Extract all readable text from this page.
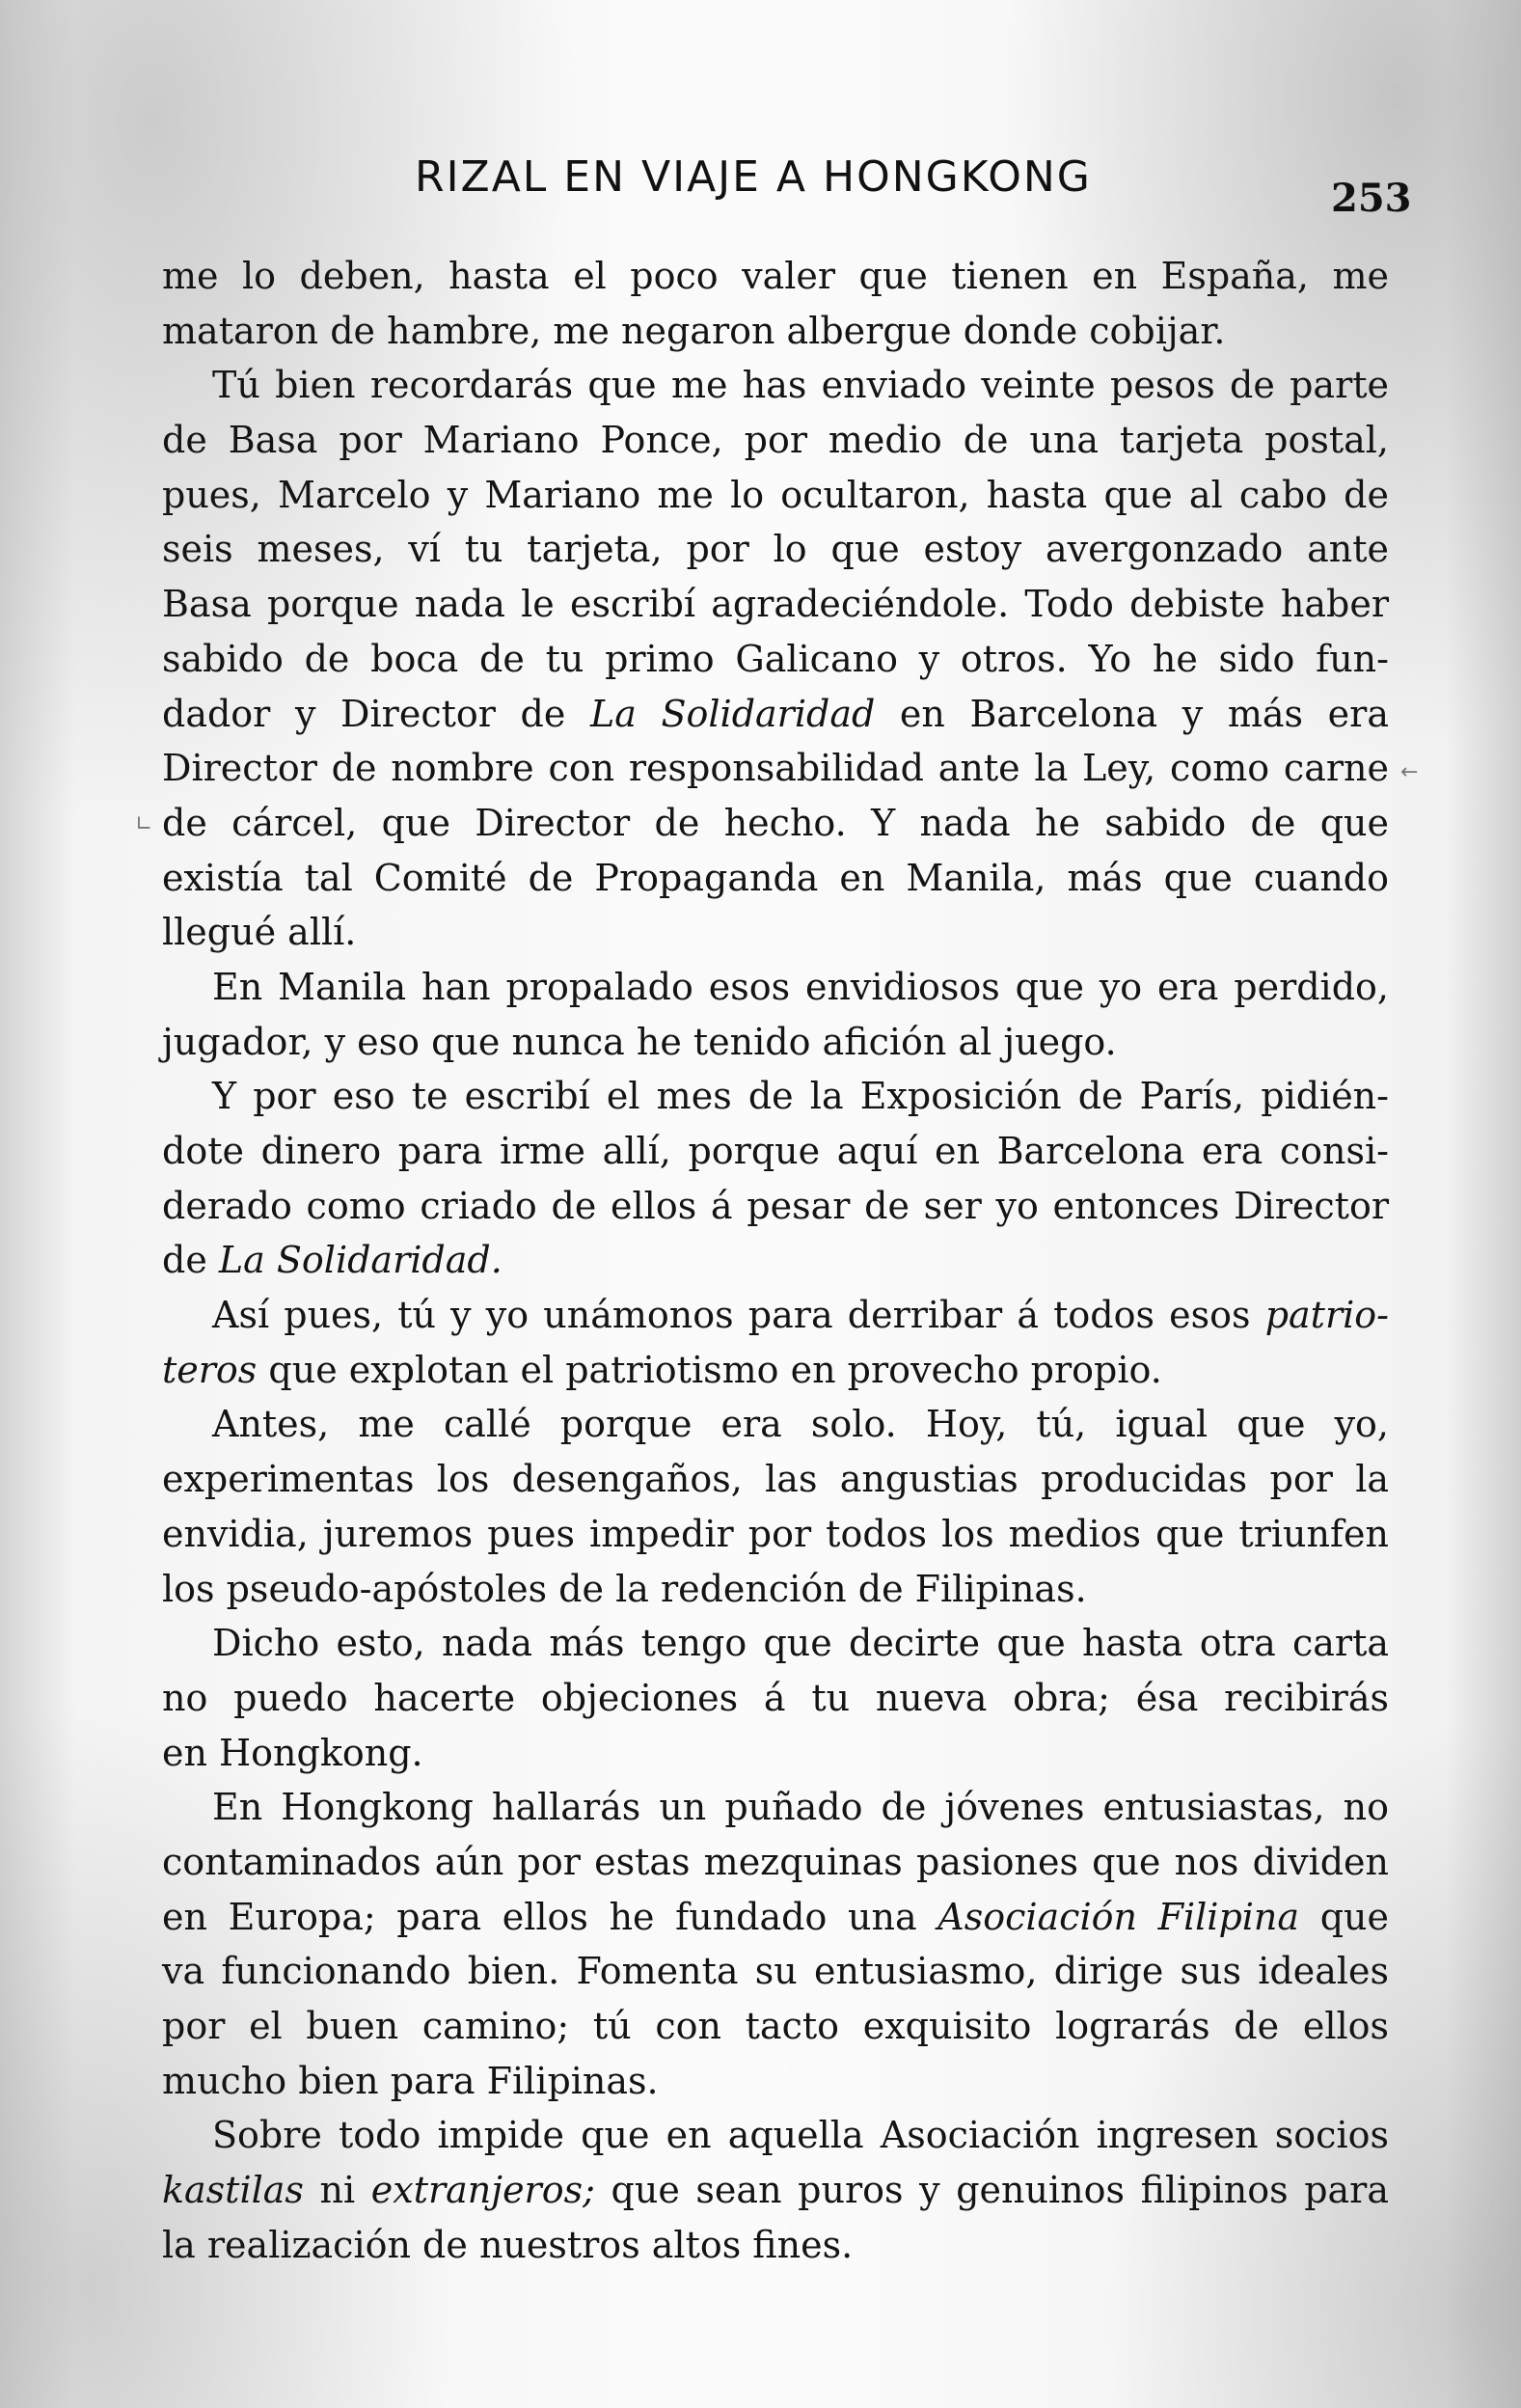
RIZAL EN VIAJE A HONGKONG	253
←
∟
me lo deben, hasta el poco valer que tienen en España, me
mataron de hambre, me negaron albergue donde cobijar.
Tú bien recordarás que me has enviado veinte pesos de parte
de Basa por Mariano Ponce, por medio de una tarjeta postal,
pues, Marcelo y Mariano me lo ocultaron, hasta que al cabo de
seis meses, ví tu tarjeta, por lo que estoy avergonzado ante
Basa porque nada le escribí agradeciéndole. Todo debiste haber
sabido de boca de tu primo Galicano y otros. Yo he sido fun-
dador y Director de La Solidaridad en Barcelona y más era
Director de nombre con responsabilidad ante la Ley, como carne
de cárcel, que Director de hecho. Y nada he sabido de que
existía tal Comité de Propaganda en Manila, más que cuando
llegué allí.
En Manila han propalado esos envidiosos que yo era perdido,
jugador, y eso que nunca he tenido afición al juego.
Y por eso te escribí el mes de la Exposición de París, pidién-
dote dinero para irme allí, porque aquí en Barcelona era consi-
derado como criado de ellos á pesar de ser yo entonces Director
de La Solidaridad.
Así pues, tú y yo unámonos para derribar á todos esos patrio-
teros que explotan el patriotismo en provecho propio.
Antes, me callé porque era solo. Hoy, tú, igual que yo,
experimentas los desengaños, las angustias producidas por la
envidia, juremos pues impedir por todos los medios que triunfen
los pseudo-apóstoles de la redención de Filipinas.
Dicho esto, nada más tengo que decirte que hasta otra carta
no puedo hacerte objeciones á tu nueva obra; ésa recibirás
en Hongkong.
En Hongkong hallarás un puñado de jóvenes entusiastas, no
contaminados aún por estas mezquinas pasiones que nos dividen
en Europa; para ellos he fundado una Asociación Filipina que
va funcionando bien. Fomenta su entusiasmo, dirige sus ideales
por el buen camino; tú con tacto exquisito lograrás de ellos
mucho bien para Filipinas.
Sobre todo impide que en aquella Asociación ingresen socios
kastilas ni extranjeros; que sean puros y genuinos filipinos para
la realización de nuestros altos fines.
